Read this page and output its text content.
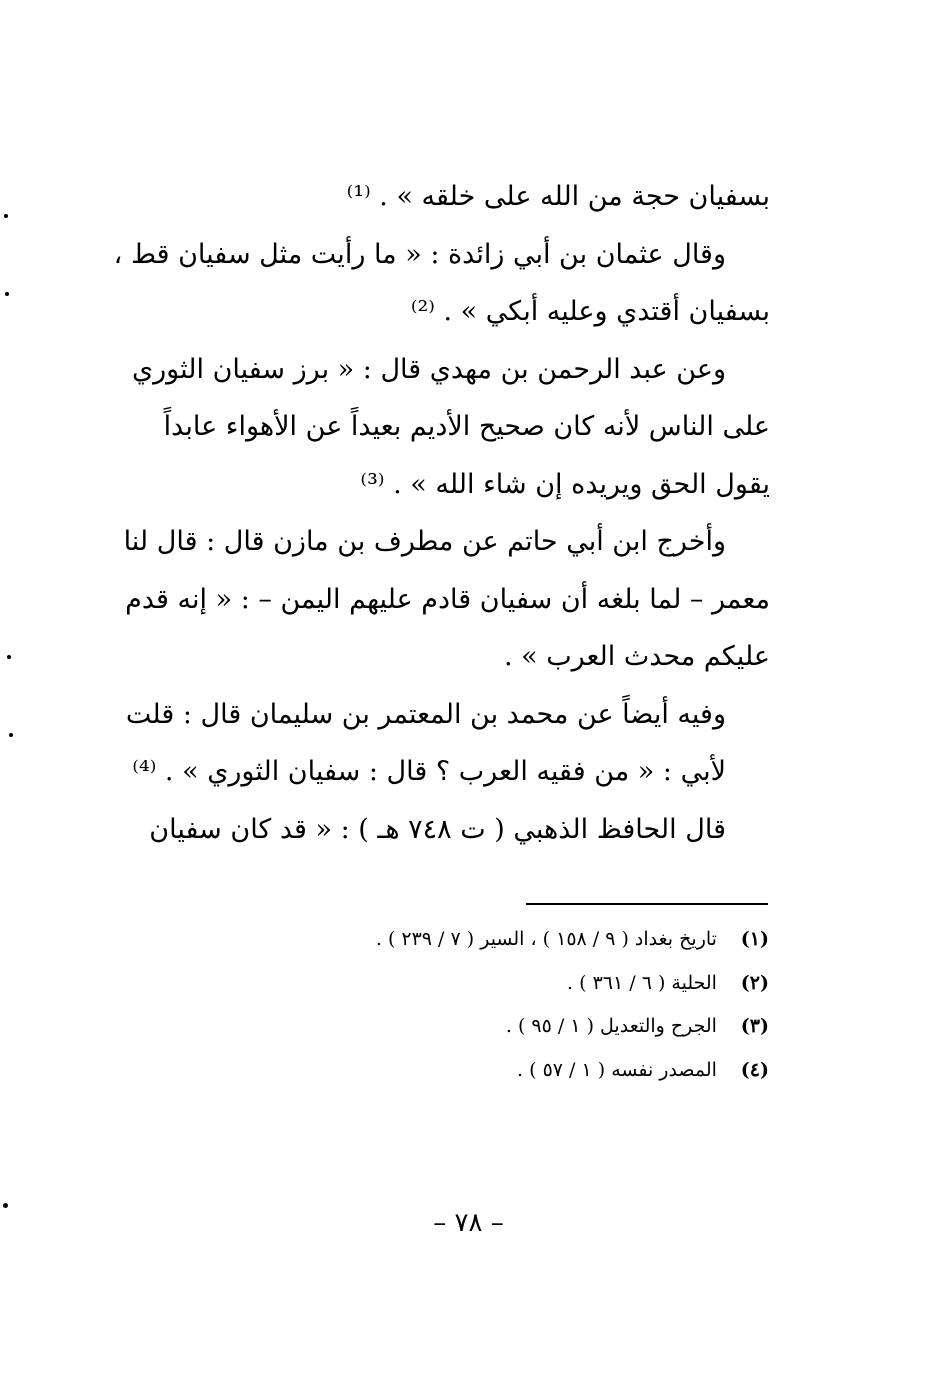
بسفيان حجة من الله على خلقه » . ⁽¹⁾
وقال عثمان بن أبي زائدة : « ما رأيت مثل سفيان قط ،
بسفيان أقتدي وعليه أبكي » . ⁽²⁾
وعن عبد الرحمن بن مهدي قال : « برز سفيان الثوري
على الناس لأنه كان صحيح الأديم بعيداً عن الأهواء عابداً
يقول الحق ويريده إن شاء الله » . ⁽³⁾
وأخرج ابن أبي حاتم عن مطرف بن مازن قال : قال لنا
معمر – لما بلغه أن سفيان قادم عليهم اليمن – : « إنه قدم
عليكم محدث العرب » .
وفيه أيضاً عن محمد بن المعتمر بن سليمان قال : قلت
لأبي : « من فقيه العرب ؟ قال : سفيان الثوري » . ⁽⁴⁾
قال الحافظ الذهبي ( ت ٧٤٨ هـ ) : « قد كان سفيان
(١) تاريخ بغداد ( ٩ / ١٥٨ ) ، السير ( ٧ / ٢٣٩ ) .
(٢) الحلية ( ٦ / ٣٦١ ) .
(٣) الجرح والتعديل ( ١ / ٩٥ ) .
(٤) المصدر نفسه ( ١ / ٥٧ ) .
– ٧٨ –
